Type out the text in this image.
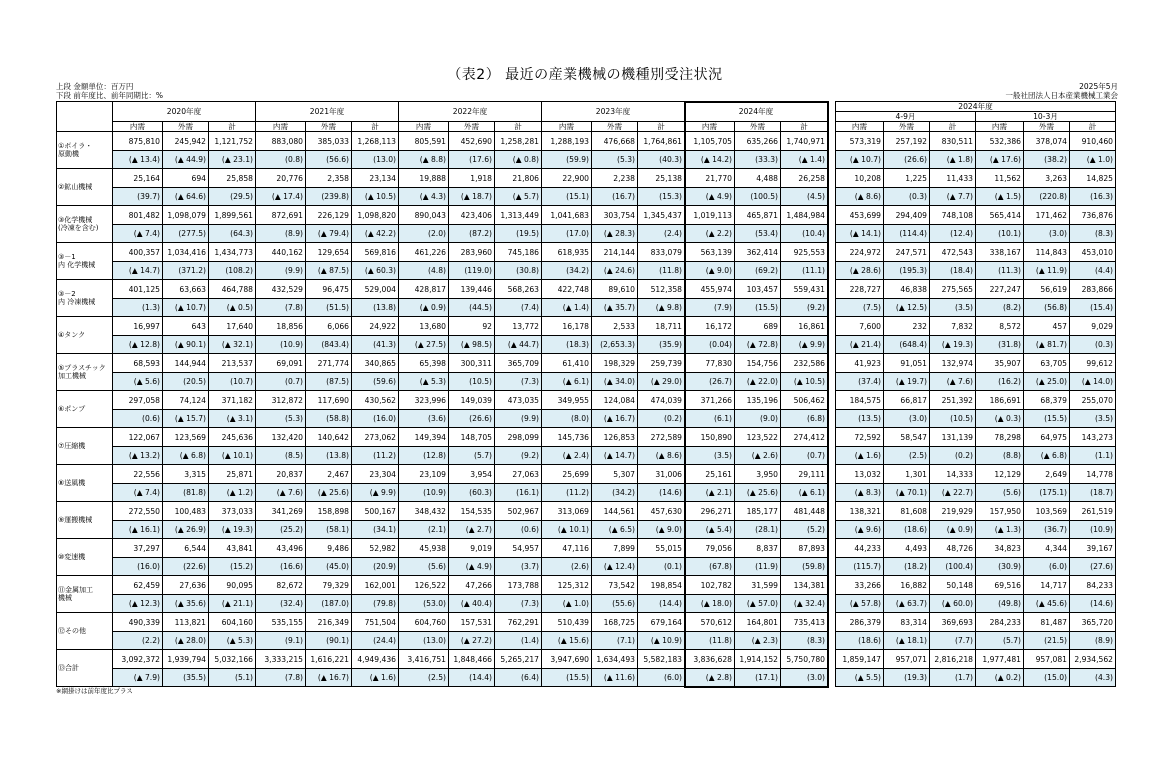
（表2） 最近の産業機械の機種別受注状況
上段 金額単位：百万円
下段 前年度比、前年同期比：%
2025年5月
一般社団法人日本産業機械工業会
	2020年度			2021年度			2022年度			2023年度			2024年度				2024年度					
																	4-9月			10-3月		
	内需	外需	計	内需	外需	計	内需	外需	計	内需	外需	計	内需	外需	計		内需	外需	計	内需	外需	計
①ボイラ・
原動機	875,810	245,942	1,121,752	883,080	385,033	1,268,113	805,591	452,690	1,258,281	1,288,193	476,668	1,764,861	1,105,705	635,266	1,740,971		573,319	257,192	830,511	532,386	378,074	910,460
	(▲ 13.4)	(▲ 44.9)	(▲ 23.1)	(0.8)	(56.6)	(13.0)	(▲ 8.8)	(17.6)	(▲ 0.8)	(59.9)	(5.3)	(40.3)	(▲ 14.2)	(33.3)	(▲ 1.4)		(▲ 10.7)	(26.6)	(▲ 1.8)	(▲ 17.6)	(38.2)	(▲ 1.0)
②鉱山機械	25,164	694	25,858	20,776	2,358	23,134	19,888	1,918	21,806	22,900	2,238	25,138	21,770	4,488	26,258		10,208	1,225	11,433	11,562	3,263	14,825
	(39.7)	(▲ 64.6)	(29.5)	(▲ 17.4)	(239.8)	(▲ 10.5)	(▲ 4.3)	(▲ 18.7)	(▲ 5.7)	(15.1)	(16.7)	(15.3)	(▲ 4.9)	(100.5)	(4.5)		(▲ 8.6)	(0.3)	(▲ 7.7)	(▲ 1.5)	(220.8)	(16.3)
③化学機械
(冷凍を含む)	801,482	1,098,079	1,899,561	872,691	226,129	1,098,820	890,043	423,406	1,313,449	1,041,683	303,754	1,345,437	1,019,113	465,871	1,484,984		453,699	294,409	748,108	565,414	171,462	736,876
	(▲ 7.4)	(277.5)	(64.3)	(8.9)	(▲ 79.4)	(▲ 42.2)	(2.0)	(87.2)	(19.5)	(17.0)	(▲ 28.3)	(2.4)	(▲ 2.2)	(53.4)	(10.4)		(▲ 14.1)	(114.4)	(12.4)	(10.1)	(3.0)	(8.3)
③－1
内 化学機械	400,357	1,034,416	1,434,773	440,162	129,654	569,816	461,226	283,960	745,186	618,935	214,144	833,079	563,139	362,414	925,553		224,972	247,571	472,543	338,167	114,843	453,010
	(▲ 14.7)	(371.2)	(108.2)	(9.9)	(▲ 87.5)	(▲ 60.3)	(4.8)	(119.0)	(30.8)	(34.2)	(▲ 24.6)	(11.8)	(▲ 9.0)	(69.2)	(11.1)		(▲ 28.6)	(195.3)	(18.4)	(11.3)	(▲ 11.9)	(4.4)
③－2
内 冷凍機械	401,125	63,663	464,788	432,529	96,475	529,004	428,817	139,446	568,263	422,748	89,610	512,358	455,974	103,457	559,431		228,727	46,838	275,565	227,247	56,619	283,866
	(1.3)	(▲ 10.7)	(▲ 0.5)	(7.8)	(51.5)	(13.8)	(▲ 0.9)	(44.5)	(7.4)	(▲ 1.4)	(▲ 35.7)	(▲ 9.8)	(7.9)	(15.5)	(9.2)		(7.5)	(▲ 12.5)	(3.5)	(8.2)	(56.8)	(15.4)
④タンク	16,997	643	17,640	18,856	6,066	24,922	13,680	92	13,772	16,178	2,533	18,711	16,172	689	16,861		7,600	232	7,832	8,572	457	9,029
	(▲ 12.8)	(▲ 90.1)	(▲ 32.1)	(10.9)	(843.4)	(41.3)	(▲ 27.5)	(▲ 98.5)	(▲ 44.7)	(18.3)	(2,653.3)	(35.9)	(0.04)	(▲ 72.8)	(▲ 9.9)		(▲ 21.4)	(648.4)	(▲ 19.3)	(31.8)	(▲ 81.7)	(0.3)
⑤プラスチック
加工機械	68,593	144,944	213,537	69,091	271,774	340,865	65,398	300,311	365,709	61,410	198,329	259,739	77,830	154,756	232,586		41,923	91,051	132,974	35,907	63,705	99,612
	(▲ 5.6)	(20.5)	(10.7)	(0.7)	(87.5)	(59.6)	(▲ 5.3)	(10.5)	(7.3)	(▲ 6.1)	(▲ 34.0)	(▲ 29.0)	(26.7)	(▲ 22.0)	(▲ 10.5)		(37.4)	(▲ 19.7)	(▲ 7.6)	(16.2)	(▲ 25.0)	(▲ 14.0)
⑥ポンプ	297,058	74,124	371,182	312,872	117,690	430,562	323,996	149,039	473,035	349,955	124,084	474,039	371,266	135,196	506,462		184,575	66,817	251,392	186,691	68,379	255,070
	(0.6)	(▲ 15.7)	(▲ 3.1)	(5.3)	(58.8)	(16.0)	(3.6)	(26.6)	(9.9)	(8.0)	(▲ 16.7)	(0.2)	(6.1)	(9.0)	(6.8)		(13.5)	(3.0)	(10.5)	(▲ 0.3)	(15.5)	(3.5)
⑦圧縮機	122,067	123,569	245,636	132,420	140,642	273,062	149,394	148,705	298,099	145,736	126,853	272,589	150,890	123,522	274,412		72,592	58,547	131,139	78,298	64,975	143,273
	(▲ 13.2)	(▲ 6.8)	(▲ 10.1)	(8.5)	(13.8)	(11.2)	(12.8)	(5.7)	(9.2)	(▲ 2.4)	(▲ 14.7)	(▲ 8.6)	(3.5)	(▲ 2.6)	(0.7)		(▲ 1.6)	(2.5)	(0.2)	(8.8)	(▲ 6.8)	(1.1)
⑧送風機	22,556	3,315	25,871	20,837	2,467	23,304	23,109	3,954	27,063	25,699	5,307	31,006	25,161	3,950	29,111		13,032	1,301	14,333	12,129	2,649	14,778
	(▲ 7.4)	(81.8)	(▲ 1.2)	(▲ 7.6)	(▲ 25.6)	(▲ 9.9)	(10.9)	(60.3)	(16.1)	(11.2)	(34.2)	(14.6)	(▲ 2.1)	(▲ 25.6)	(▲ 6.1)		(▲ 8.3)	(▲ 70.1)	(▲ 22.7)	(5.6)	(175.1)	(18.7)
⑨運搬機械	272,550	100,483	373,033	341,269	158,898	500,167	348,432	154,535	502,967	313,069	144,561	457,630	296,271	185,177	481,448		138,321	81,608	219,929	157,950	103,569	261,519
	(▲ 16.1)	(▲ 26.9)	(▲ 19.3)	(25.2)	(58.1)	(34.1)	(2.1)	(▲ 2.7)	(0.6)	(▲ 10.1)	(▲ 6.5)	(▲ 9.0)	(▲ 5.4)	(28.1)	(5.2)		(▲ 9.6)	(18.6)	(▲ 0.9)	(▲ 1.3)	(36.7)	(10.9)
⑩変速機	37,297	6,544	43,841	43,496	9,486	52,982	45,938	9,019	54,957	47,116	7,899	55,015	79,056	8,837	87,893		44,233	4,493	48,726	34,823	4,344	39,167
	(16.0)	(22.6)	(15.2)	(16.6)	(45.0)	(20.9)	(5.6)	(▲ 4.9)	(3.7)	(2.6)	(▲ 12.4)	(0.1)	(67.8)	(11.9)	(59.8)		(115.7)	(18.2)	(100.4)	(30.9)	(6.0)	(27.6)
⑪金属加工
機械	62,459	27,636	90,095	82,672	79,329	162,001	126,522	47,266	173,788	125,312	73,542	198,854	102,782	31,599	134,381		33,266	16,882	50,148	69,516	14,717	84,233
	(▲ 12.3)	(▲ 35.6)	(▲ 21.1)	(32.4)	(187.0)	(79.8)	(53.0)	(▲ 40.4)	(7.3)	(▲ 1.0)	(55.6)	(14.4)	(▲ 18.0)	(▲ 57.0)	(▲ 32.4)		(▲ 57.8)	(▲ 63.7)	(▲ 60.0)	(49.8)	(▲ 45.6)	(14.6)
⑫その他	490,339	113,821	604,160	535,155	216,349	751,504	604,760	157,531	762,291	510,439	168,725	679,164	570,612	164,801	735,413		286,379	83,314	369,693	284,233	81,487	365,720
	(2.2)	(▲ 28.0)	(▲ 5.3)	(9.1)	(90.1)	(24.4)	(13.0)	(▲ 27.2)	(1.4)	(▲ 15.6)	(7.1)	(▲ 10.9)	(11.8)	(▲ 2.3)	(8.3)		(18.6)	(▲ 18.1)	(7.7)	(5.7)	(21.5)	(8.9)
⑬合計	3,092,372	1,939,794	5,032,166	3,333,215	1,616,221	4,949,436	3,416,751	1,848,466	5,265,217	3,947,690	1,634,493	5,582,183	3,836,628	1,914,152	5,750,780		1,859,147	957,071	2,816,218	1,977,481	957,081	2,934,562
	(▲ 7.9)	(35.5)	(5.1)	(7.8)	(▲ 16.7)	(▲ 1.6)	(2.5)	(14.4)	(6.4)	(15.5)	(▲ 11.6)	(6.0)	(▲ 2.8)	(17.1)	(3.0)		(▲ 5.5)	(19.3)	(1.7)	(▲ 0.2)	(15.0)	(4.3)
※網掛けは前年度比プラス
